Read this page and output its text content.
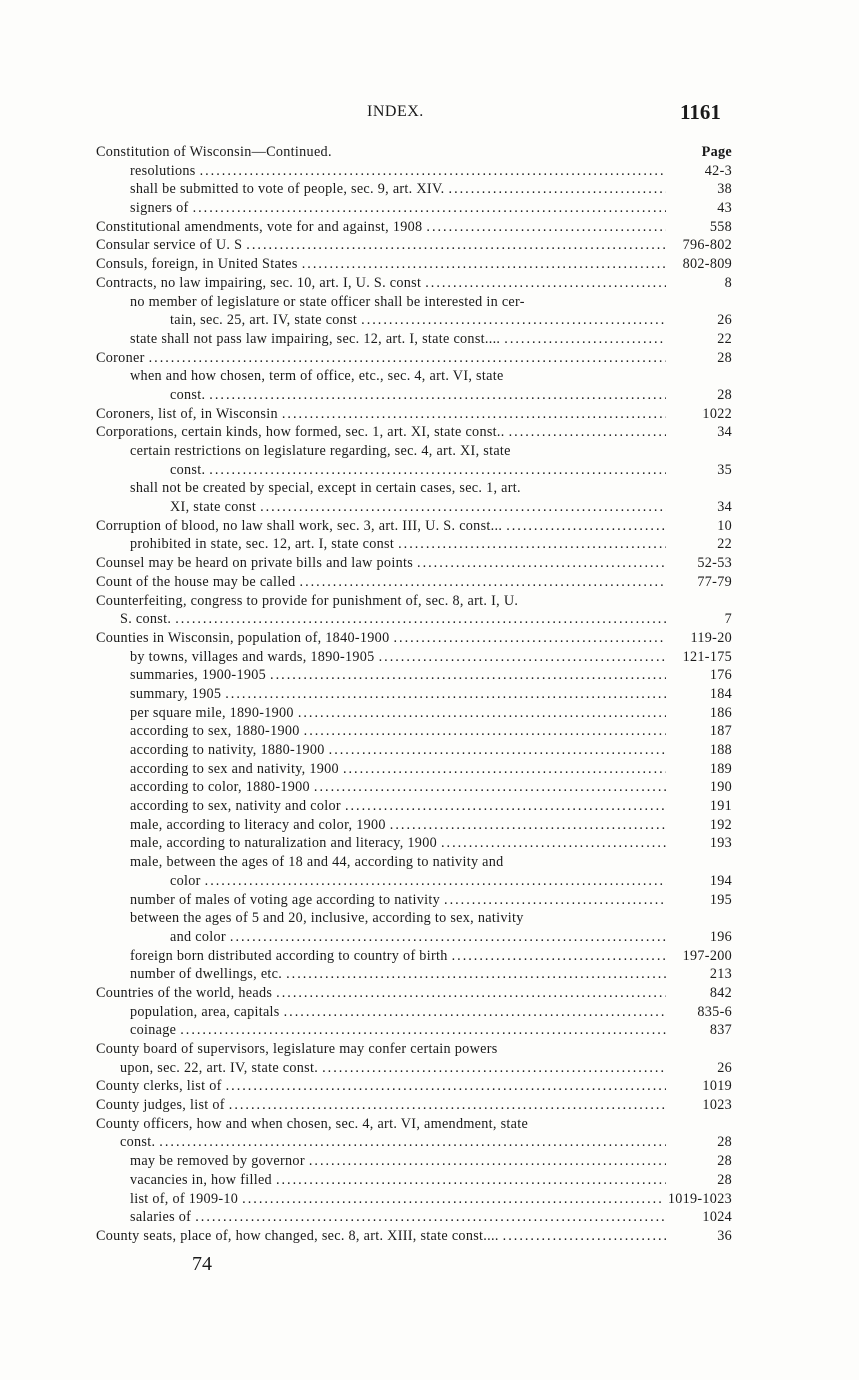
INDEX.	1161
Constitution of Wisconsin—Continued.	Page
resolutions .....	42-3
shall be submitted to vote of people, sec. 9, art. XIV. .....	38
signers of .....	43
Constitutional amendments, vote for and against, 1908 .....	558
Consular service of U. S .....	796-802
Consuls, foreign, in United States .....	802-809
Contracts, no law impairing, sec. 10, art. I, U. S. const .....	8
no member of legislature or state officer shall be interested in cer-
tain, sec. 25, art. IV, state const .....	26
state shall not pass law impairing, sec. 12, art. I, state const.... .....	22
Coroner .....	28
when and how chosen, term of office, etc., sec. 4, art. VI, state
const. .....	28
Coroners, list of, in Wisconsin .....	1022
Corporations, certain kinds, how formed, sec. 1, art. XI, state const.. .....	34
certain restrictions on legislature regarding, sec. 4, art. XI, state
const. .....	35
shall not be created by special, except in certain cases, sec. 1, art.
XI, state const .....	34
Corruption of blood, no law shall work, sec. 3, art. III, U. S. const... .....	10
prohibited in state, sec. 12, art. I, state const .....	22
Counsel may be heard on private bills and law points .....	52-53
Count of the house may be called .....	77-79
Counterfeiting, congress to provide for punishment of, sec. 8, art. I, U.
S. const. .....	7
Counties in Wisconsin, population of, 1840-1900 .....	119-20
by towns, villages and wards, 1890-1905 .....	121-175
summaries, 1900-1905 .....	176
summary, 1905 .....	184
per square mile, 1890-1900 .....	186
according to sex, 1880-1900 .....	187
according to nativity, 1880-1900 .....	188
according to sex and nativity, 1900 .....	189
according to color, 1880-1900 .....	190
according to sex, nativity and color .....	191
male, according to literacy and color, 1900 .....	192
male, according to naturalization and literacy, 1900 .....	193
male, between the ages of 18 and 44, according to nativity and
color .....	194
number of males of voting age according to nativity .....	195
between the ages of 5 and 20, inclusive, according to sex, nativity
and color .....	196
foreign born distributed according to country of birth .....	197-200
number of dwellings, etc. .....	213
Countries of the world, heads .....	842
population, area, capitals .....	835-6
coinage .....	837
County board of supervisors, legislature may confer certain powers
upon, sec. 22, art. IV, state const. .....	26
County clerks, list of .....	1019
County judges, list of .....	1023
County officers, how and when chosen, sec. 4, art. VI, amendment, state
const. .....	28
may be removed by governor .....	28
vacancies in, how filled .....	28
list of, of 1909-10 .....	1019-1023
salaries of .....	1024
County seats, place of, how changed, sec. 8, art. XIII, state const.... .....	36
74
